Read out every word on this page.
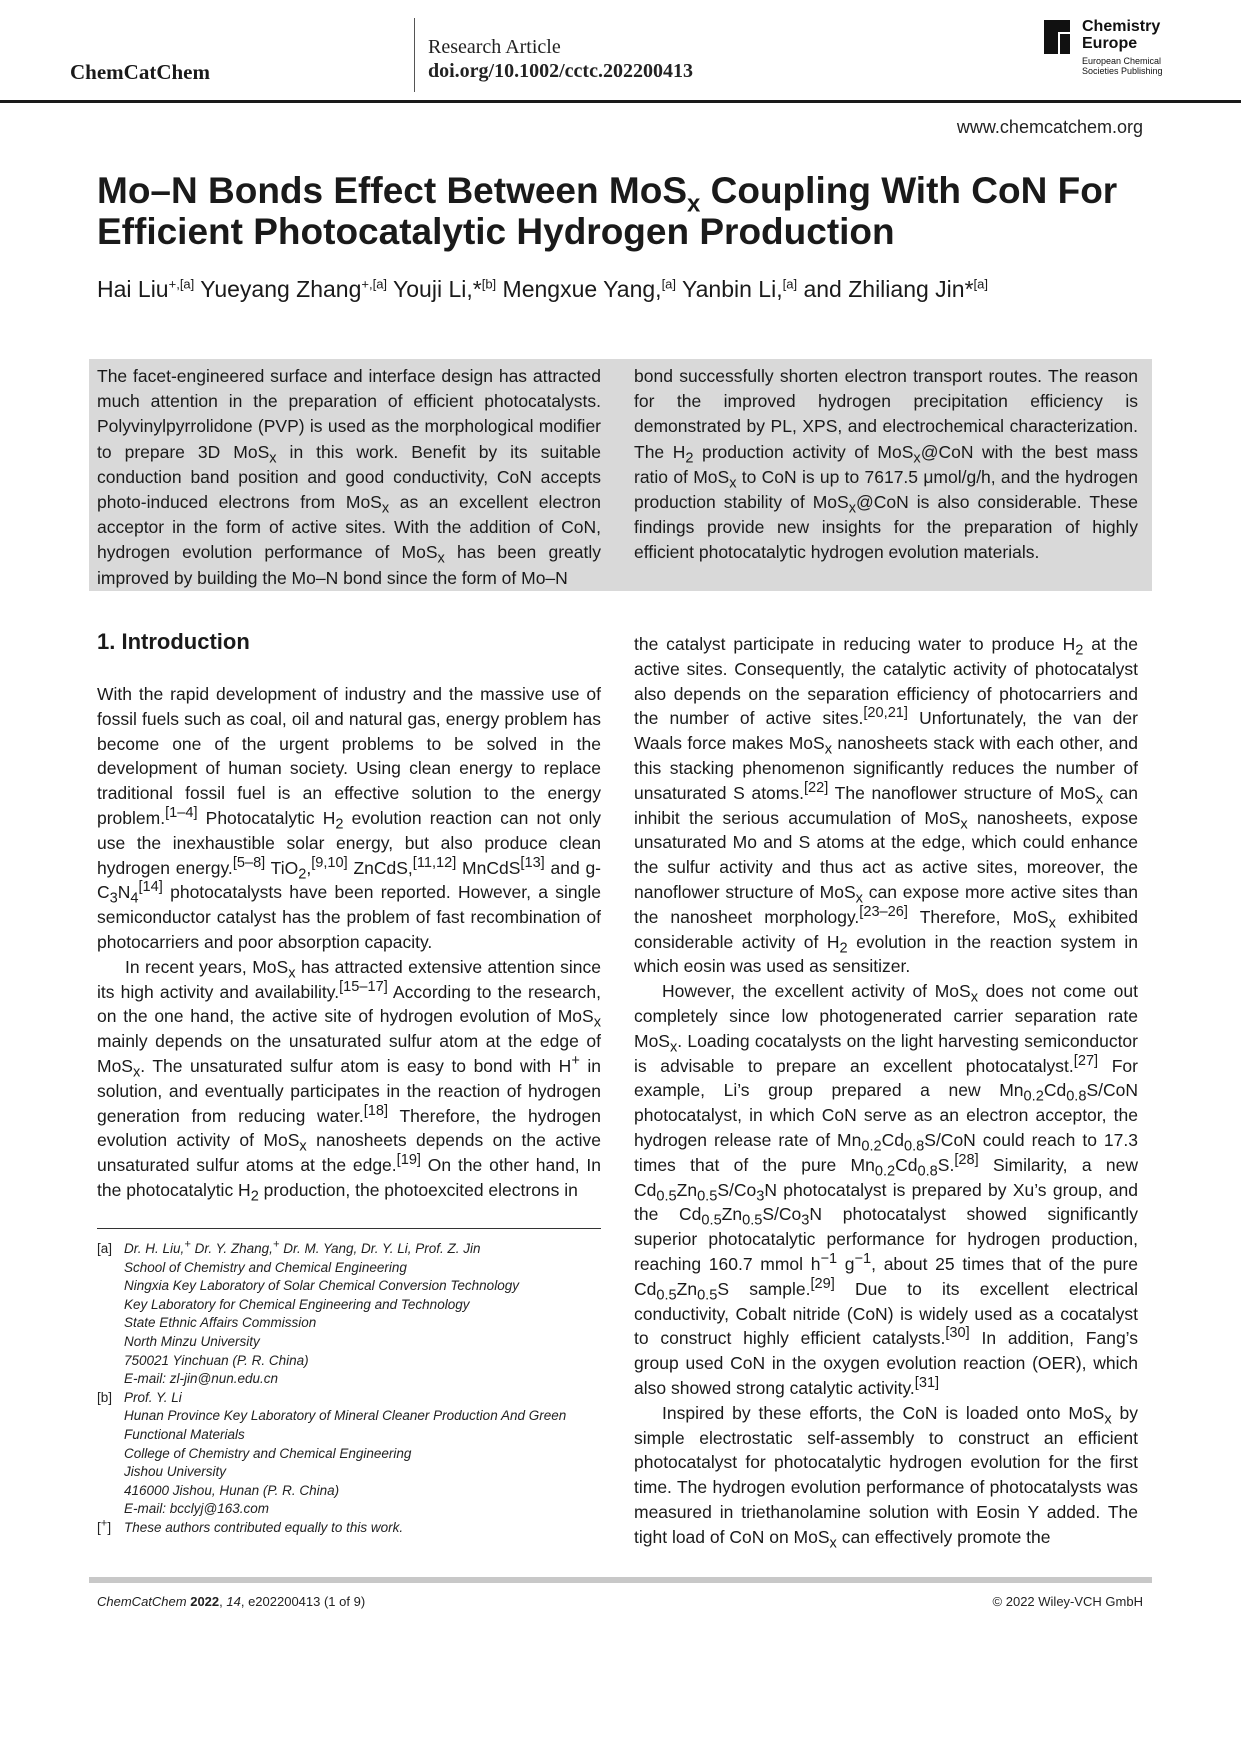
ChemCatChem
Research Article
doi.org/10.1002/cctc.202200413
Chemistry
Europe
European Chemical
Societies Publishing
www.chemcatchem.org
Mo–N Bonds Effect Between MoS$_x$ Coupling With CoN For
Efficient Photocatalytic Hydrogen Production
Hai Liu$^{+,[a]}$ Yueyang Zhang$^{+,[a]}$ Youji Li,*[b] Mengxue Yang,[a] Yanbin Li,[a] and Zhiliang Jin*[a]
The facet-engineered surface and interface design has attracted much attention in the preparation of efficient photocatalysts. Polyvinylpyrrolidone (PVP) is used as the morphological modifier to prepare 3D MoS$_x$ in this work. Benefit by its suitable conduction band position and good conductivity, CoN accepts photo-induced electrons from MoS$_x$ as an excellent electron acceptor in the form of active sites. With the addition of CoN, hydrogen evolution performance of MoS$_x$ has been greatly improved by building the Mo–N bond since the form of Mo–N
bond successfully shorten electron transport routes. The reason for the improved hydrogen precipitation efficiency is demonstrated by PL, XPS, and electrochemical characterization. The $H_2$ production activity of MoS$_x$@CoN with the best mass ratio of MoS$_x$ to CoN is up to 7617.5 μmol/g/h, and the hydrogen production stability of MoS$_x$@CoN is also considerable. These findings provide new insights for the preparation of highly efficient photocatalytic hydrogen evolution materials.
1. Introduction

With the rapid development of industry and the massive use of fossil fuels such as coal, oil and natural gas, energy problem has become one of the urgent problems to be solved in the development of human society. Using clean energy to replace traditional fossil fuel is an effective solution to the energy problem.[1–4] Photocatalytic $H_2$ evolution reaction can not only use the inexhaustible solar energy, but also produce clean hydrogen energy.[5–8] TiO$_2$,[9,10] ZnCdS,[11,12] MnCdS[13] and $g-C_3N_4[14]$ photocatalysts have been reported. However, a single semiconductor catalyst has the problem of fast recombination of photocarriers and poor absorption capacity.

In recent years, MoS$_x$ has attracted extensive attention since its high activity and availability.[15–17] According to the research, on the one hand, the active site of hydrogen evolution of MoS$_x$ mainly depends on the unsaturated sulfur atom at the edge of MoS$_x$. The unsaturated sulfur atom is easy to bond with H+ in solution, and eventually participates in the reaction of hydrogen generation from reducing water.[18] Therefore, the hydrogen evolution activity of MoS$_x$ nanosheets depends on the active unsaturated sulfur atoms at the edge.[19] On the other hand, In the photocatalytic $H_2$ production, the photoexcited electrons in

the catalyst participate in reducing water to produce $H_2$ at the active sites. Consequently, the catalytic activity of photocatalyst also depends on the separation efficiency of photocarriers and the number of active sites.[20,21] Unfortunately, the van der Waals force makes MoS$_x$ nanosheets stack with each other, and this stacking phenomenon significantly reduces the number of unsaturated S atoms.[22] The nanoflower structure of MoS$_x$ can inhibit the serious accumulation of MoS$_x$ nanosheets, expose unsaturated Mo and S atoms at the edge, which could enhance the sulfur activity and thus act as active sites, moreover, the nanoflower structure of MoS$_x$ can expose more active sites than the nanosheet morphology.[23–26] Therefore, MoS$_x$ exhibited considerable activity of $H_2$ evolution in the reaction system in which eosin was used as sensitizer.

However, the excellent activity of MoS$_x$ does not come out completely since low photogenerated carrier separation rate MoS$_x$. Loading cocatalysts on the light harvesting semiconductor is advisable to prepare an excellent photocatalyst.[27] For example, Li’s group prepared a new $Mn_{0.2}Cd_{0.8}S$/CoN photocatalyst, in which CoN serve as an electron acceptor, the hydrogen release rate of $Mn_{0.2}Cd_{0.8}S$/CoN could reach to 17.3 times that of the pure $Mn_{0.2}Cd_{0.8}S.[28]$ Similarity, a new $Cd_{0.5}Zn_{0.5}S/Co_3N$ photocatalyst is prepared by Xu’s group, and the $Cd_{0.5}Zn_{0.5}S/Co_3N$ photocatalyst showed significantly superior photocatalytic performance for hydrogen production, reaching 160.7 mmol $h^{-1}$ $g^{-1}$, about 25 times that of the pure $Cd_{0.5}Zn_{0.5}S$ sample.[29] Due to its excellent electrical conductivity, Cobalt nitride (CoN) is widely used as a cocatalyst to construct highly efficient catalysts.[30] In addition, Fang’s group used CoN in the oxygen evolution reaction (OER), which also showed strong catalytic activity.[31]

Inspired by these efforts, the CoN is loaded onto MoS$_x$ by simple electrostatic self-assembly to construct an efficient photocatalyst for photocatalytic hydrogen evolution for the first time. The hydrogen evolution performance of photocatalysts was measured in triethanolamine solution with Eosin Y added. The tight load of CoN on MoS$_x$ can effectively promote the

[a] Dr. H. Liu,+ Dr. Y. Zhang,+ Dr. M. Yang, Dr. Y. Li, Prof. Z. Jin
School of Chemistry and Chemical Engineering
Ningxia Key Laboratory of Solar Chemical Conversion Technology
Key Laboratory for Chemical Engineering and Technology
State Ethnic Affairs Commission
North Minzu University
750021 Yinchuan (P. R. China)
E-mail: zl-jin@nun.edu.cn
[b] Prof. Y. Li
Hunan Province Key Laboratory of Mineral Cleaner Production And Green
Functional Materials
College of Chemistry and Chemical Engineering
Jishou University
416000 Jishou, Hunan (P. R. China)
E-mail: bcclyj@163.com
[+] These authors contributed equally to this work.
ChemCatChem 2022, 14, e202200413 (1 of 9)	© 2022 Wiley-VCH GmbH
